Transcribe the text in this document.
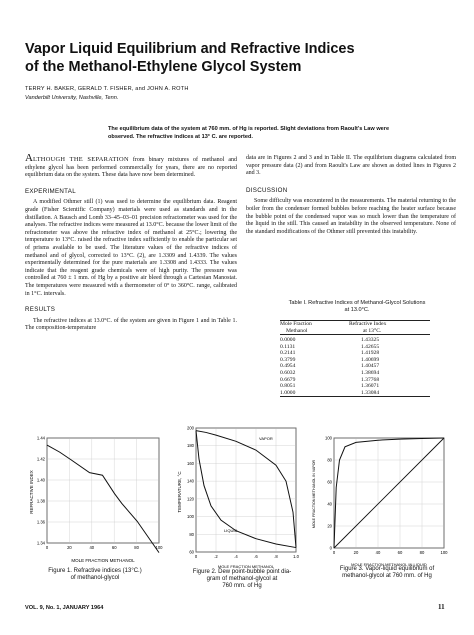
Vapor Liquid Equilibrium and Refractive Indices
of the Methanol-Ethylene Glycol System
TERRY H. BAKER, GERALD T. FISHER, and JOHN A. ROTH
Vanderbilt University, Nashville, Tenn.
The equilibrium data of the system at 760 mm. of Hg is reported. Slight deviations from Raoult's Law were observed. The refractive indices at 13° C. are reported.
ALTHOUGH THE SEPARATION from binary mixtures of methanol and ethylene glycol has been performed commercially for years, there are no reported equilibrium data on the system. These data have now been determined.
EXPERIMENTAL

A modified Othmer still (1) was used to determine the equilibrium data. Reagent grade (Fisher Scientific Company) materials were used as standards and in the distillation. A Bausch and Lomb 33–45–03–01 precision refractometer was used for the analyses. The refractive indices were measured at 13.0°C. because the lower limit of the refractometer was above the refractive index of methanol at 25°C.; lowering the temperature to 13°C. raised the refractive index sufficiently to enable the particular set of prisms available to be used. The literature values of the refractive indices of methanol and of glycol, corrected to 13°C. (2), are 1.3309 and 1.4339. The values experimentally determined for the pure materials are 1.3308 and 1.4333. The values indicate that the reagent grade chemicals were of high purity. The pressure was controlled at 760 ± 1 mm. of Hg by a positive air bleed through a Cartesian Manostat. The temperatures were measured with a thermometer of 0° to 360°C. range, calibrated in 1°C. intervals.

RESULTS

The refractive indices at 13.0°C. of the system are given in Figure 1 and in Table 1. The composition-temperature

data are in Figures 2 and 3 and in Table II. The equilibrium diagrams calculated from vapor pressure data (2) and from Raoult's Law are shown as dotted lines in Figures 2 and 3.
DISCUSSION

Some difficulty was encountered in the measurements. The material returning to the boiler from the condenser formed bubbles before reaching the heater surface because the bubble point of the condensed vapor was so much lower than the temperature of the liquid in the still. This caused an instability in the observed temperature. None of the standard modifications of the Othmer still prevented this instability.

Table I. Refractive Indices of Methanol-Glycol Solutions
at 13.0°C.
Mole Fraction	Refractive Index
Methanol	at 13°C.

0.0000	1.43325
0.1131	1.42655
0.2141	1.41928
0.3799	1.40699
0.4954	1.40457
0.6032	1.38694
0.6679	1.37768
0.8051	1.36071
1.0000	1.33084

1.44
1.42
1.40
1.38
1.36
1.34
0	20	40	60	80	100
REFRACTIVE INDEX
MOLE FRACTION METHANOL
Figure 1. Refractive indices (13°C.)
of methanol-glycol
200
180
160
140
120
100
80
60
0	.2	.4	.6	.8	1.0
VAPOR
LIQUID
TEMPERATURE, °C
MOLE FRACTION METHANOL
Figure 2. Dew point-bubble point dia-
gram of methanol-glycol at
760 mm. of Hg
100
80
60
40
20
0
0	20	40	60	80	100
MOLE FRACTION METHANOL IN VAPOR
MOLE FRACTION METHANOL IN LIQUID
Figure 3. Vapor-liquid equilibrium of
methanol-glycol at 760 mm. of Hg
VOL. 9, No. 1, JANUARY 1964	11
